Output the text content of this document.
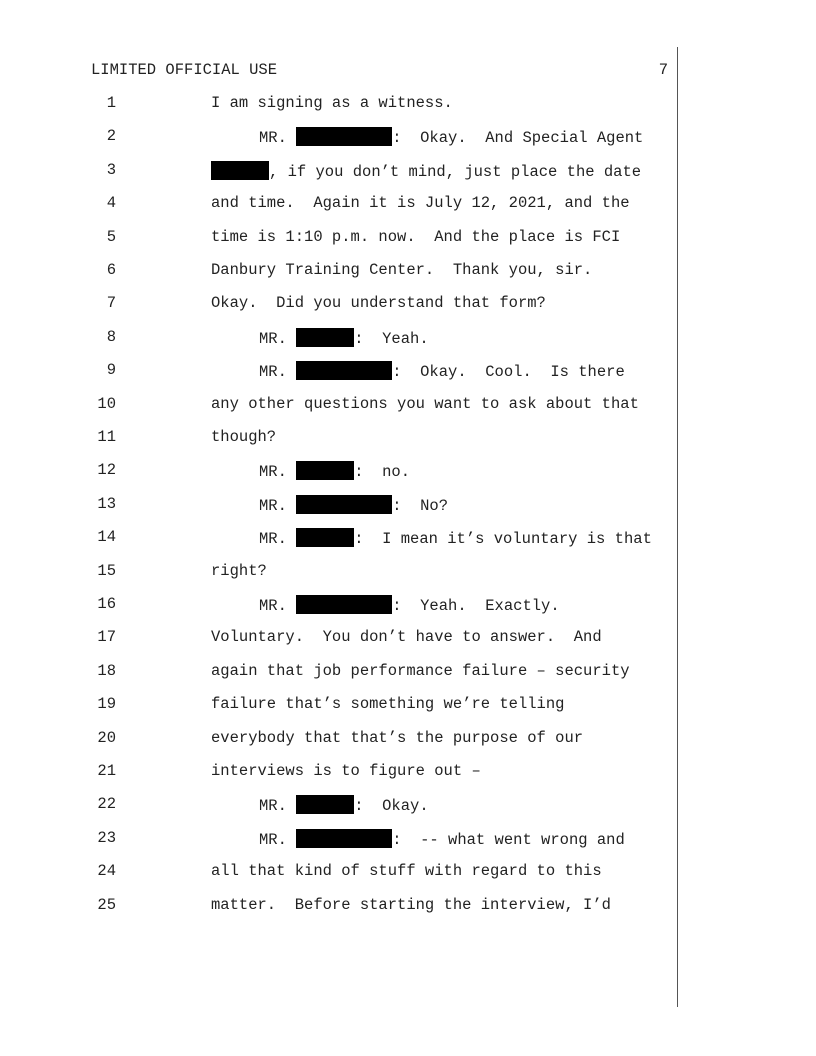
LIMITED OFFICIAL USE	7
1	I am signing as a witness.
2	MR.	:  Okay.  And Special Agent
3	, if you don’t mind, just place the date
4	and time.  Again it is July 12, 2021, and the
5	time is 1:10 p.m. now.  And the place is FCI
6	Danbury Training Center.  Thank you, sir.
7	Okay.  Did you understand that form?
8	MR.	:  Yeah.
9	MR.	:  Okay.  Cool.  Is there
10	any other questions you want to ask about that
11	though?
12	MR.	:  no.
13	MR.	:  No?
14	MR.	:  I mean it’s voluntary is that
15	right?
16	MR.	:  Yeah.  Exactly.
17	Voluntary.  You don’t have to answer.  And
18	again that job performance failure – security
19	failure that’s something we’re telling
20	everybody that that’s the purpose of our
21	interviews is to figure out –
22	MR.	:  Okay.
23	MR.	:  -- what went wrong and
24	all that kind of stuff with regard to this
25	matter.  Before starting the interview, I’d
